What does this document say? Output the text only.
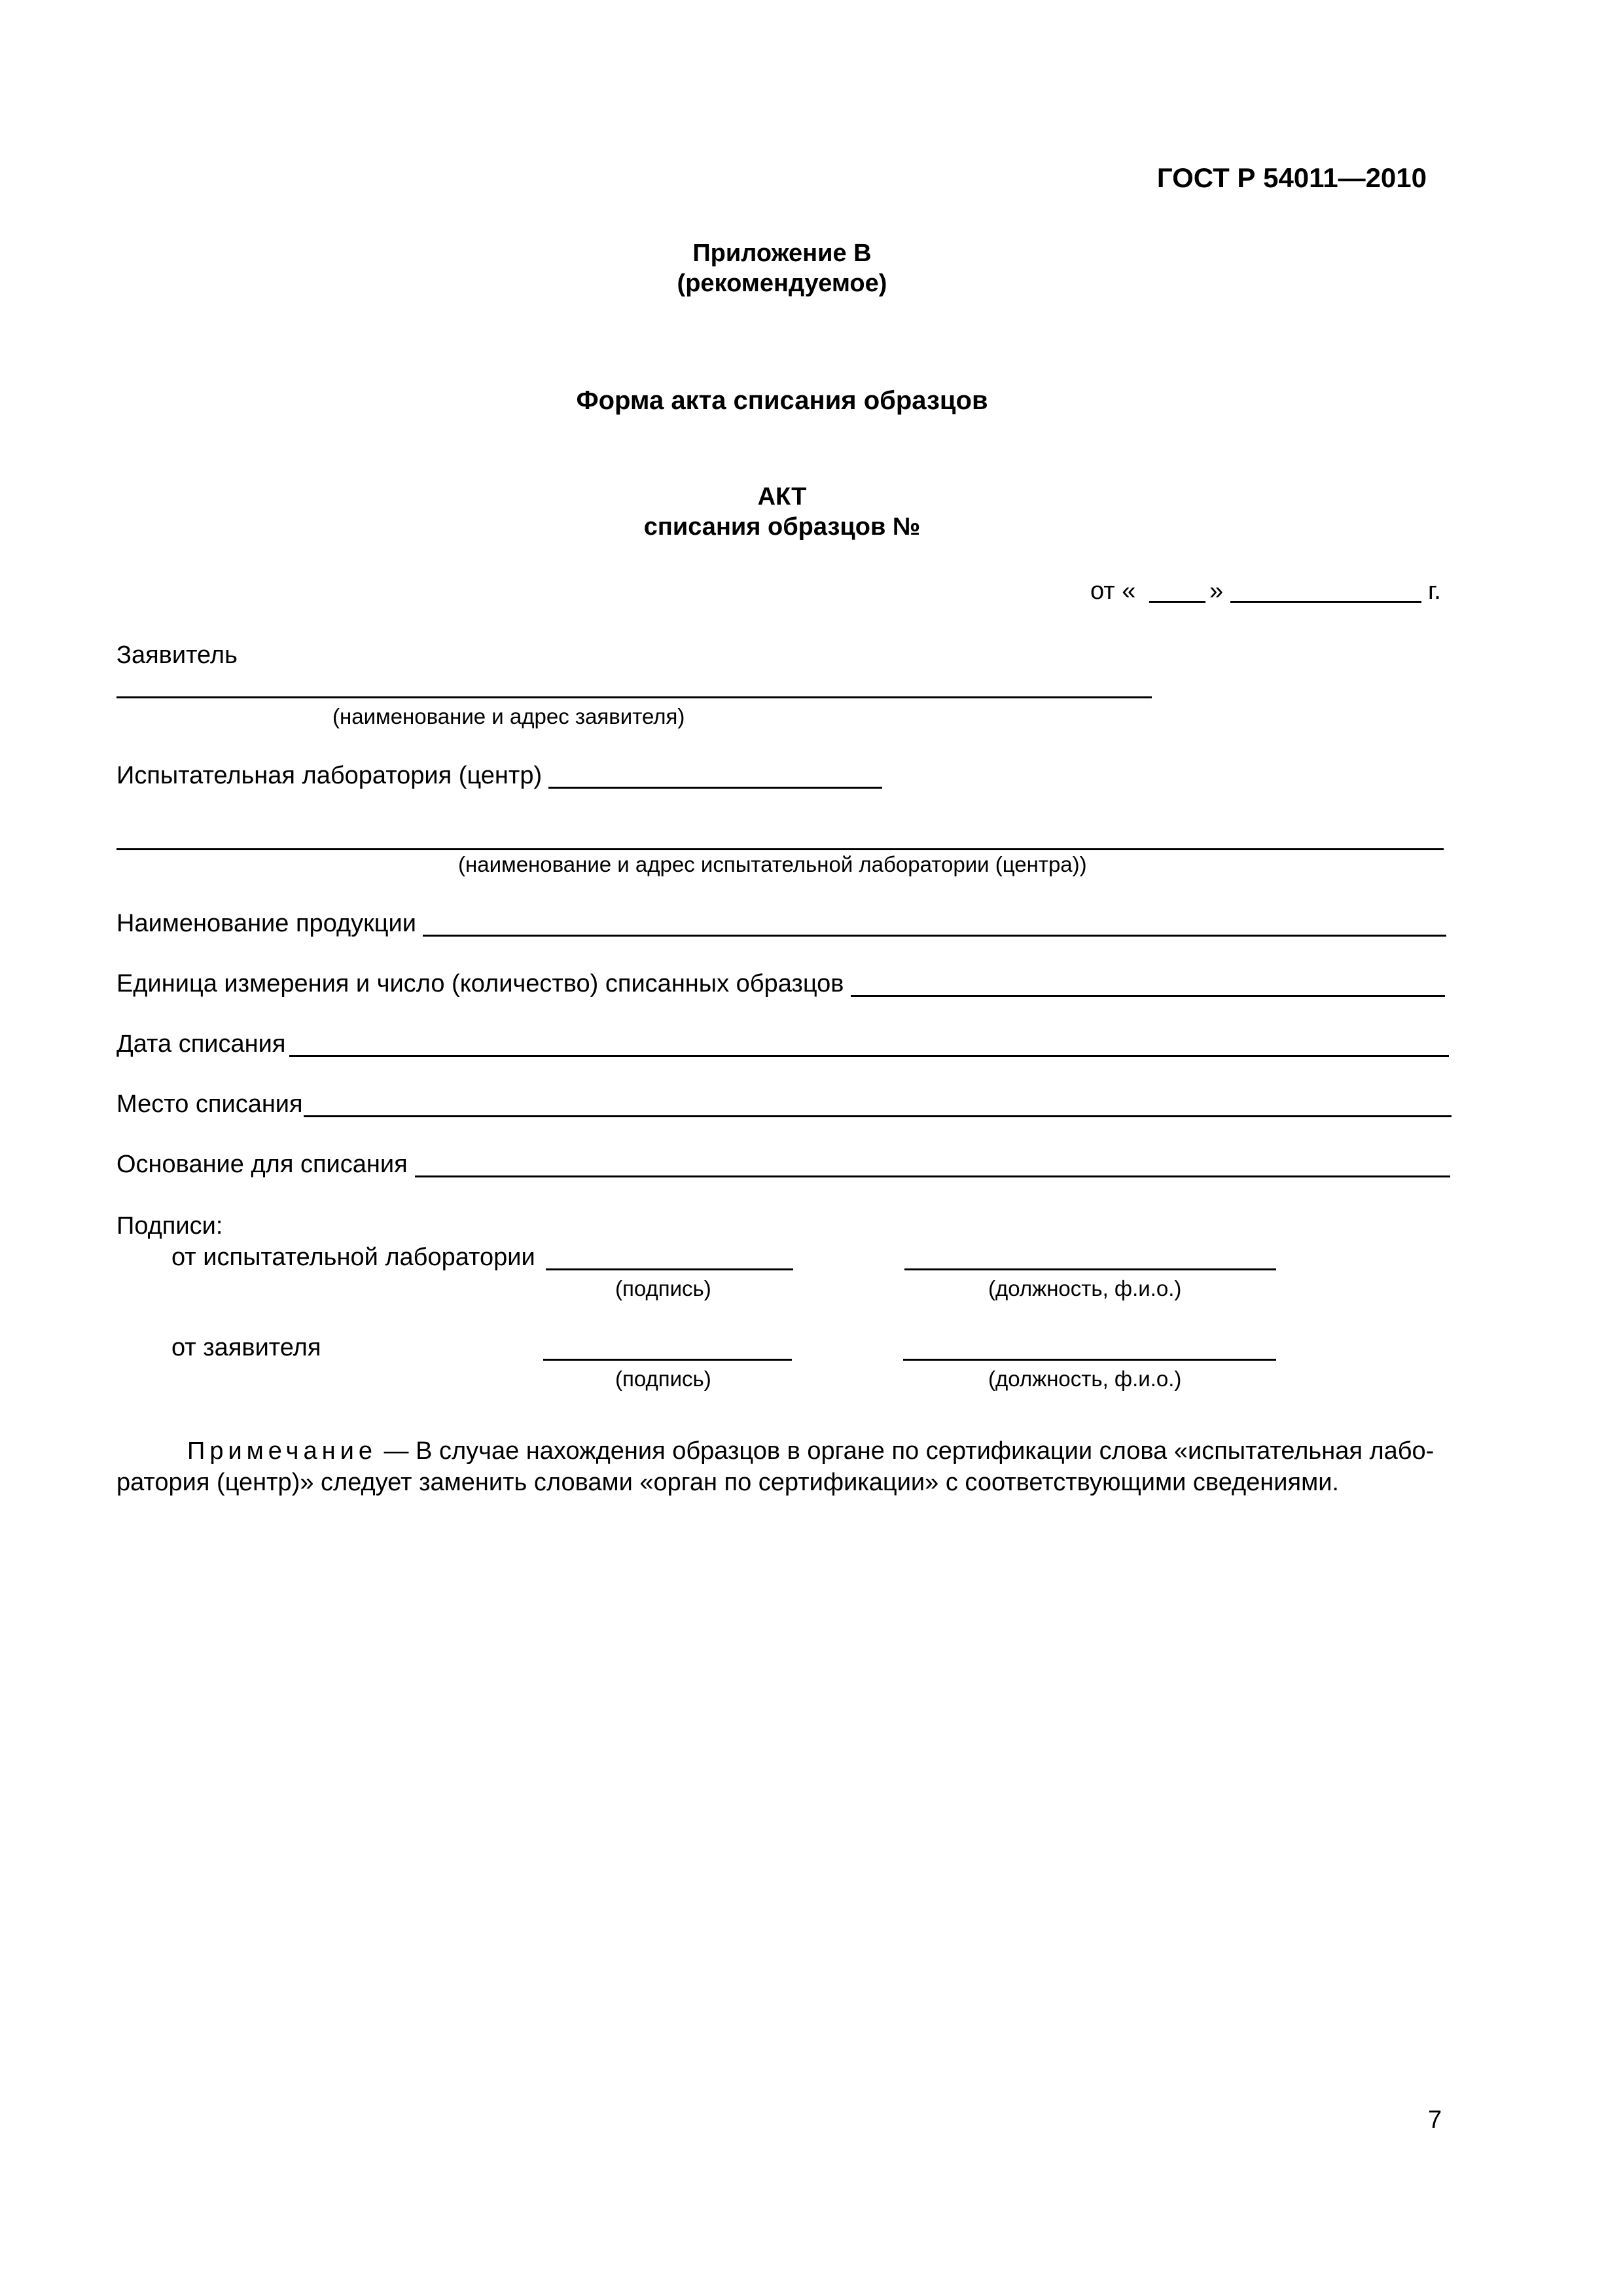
ГОСТ Р 54011—2010
Приложение В
(рекомендуемое)
Форма акта списания образцов
АКТ
списания образцов №
от «	»	г.
Заявитель
(наименование и адрес заявителя)
Испытательная лаборатория (центр)
(наименование и адрес испытательной лаборатории (центра))
Наименование продукции
Единица измерения и число (количество) списанных образцов
Дата списания
Место списания
Основание для списания
Подписи:
от испытательной лаборатории
(подпись)	(должность, ф.и.о.)
от заявителя
(подпись)	(должность, ф.и.о.)
Примечание — В случае нахождения образцов в органе по сертификации слова «испытательная лабо-
ратория (центр)» следует заменить словами «орган по сертификации» с соответствующими сведениями.
7
